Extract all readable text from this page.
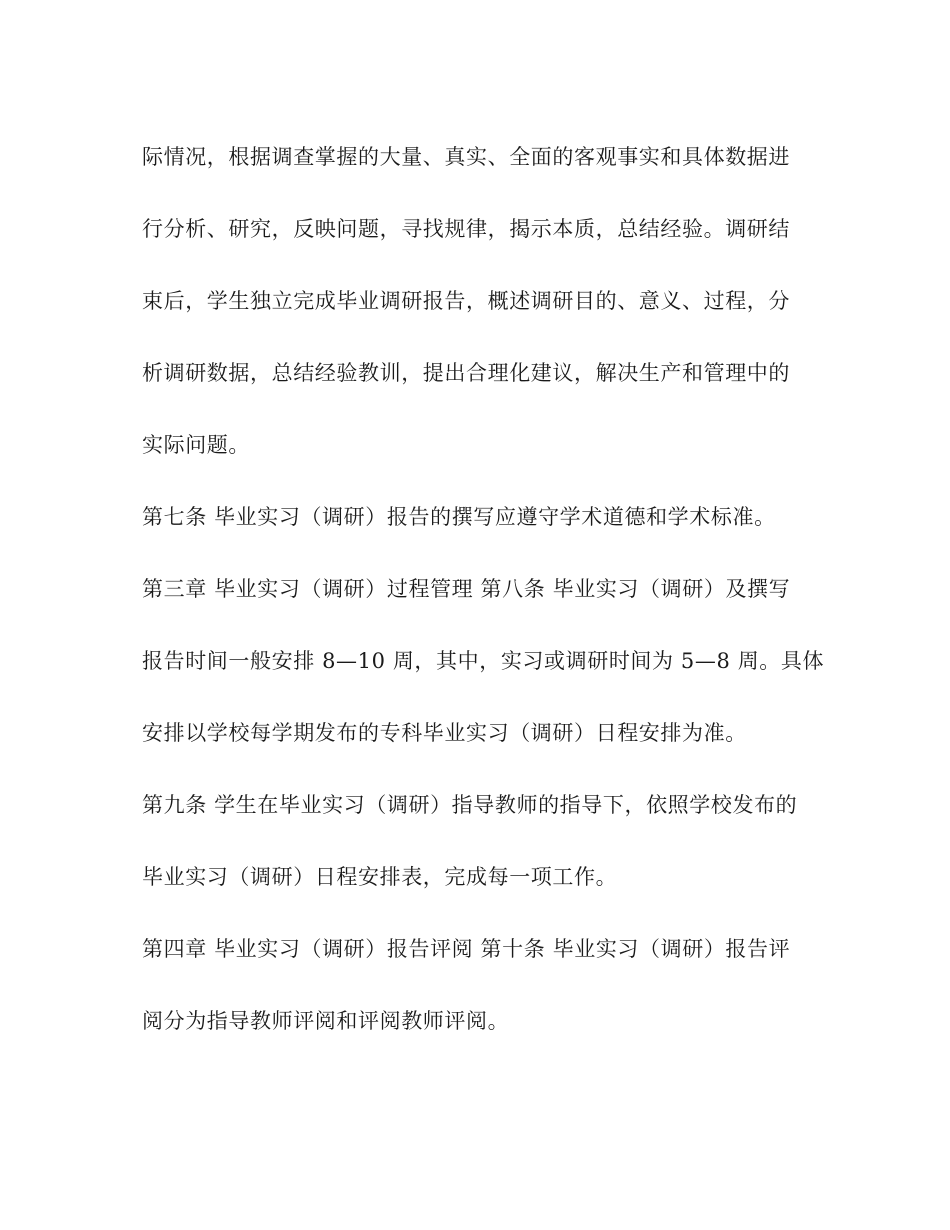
际情况，根据调查掌握的大量、真实、全面的客观事实和具体数据进
行分析、研究，反映问题，寻找规律，揭示本质，总结经验。调研结
束后，学生独立完成毕业调研报告，概述调研目的、意义、过程，分
析调研数据，总结经验教训，提出合理化建议，解决生产和管理中的
实际问题。
第七条 毕业实习（调研）报告的撰写应遵守学术道德和学术标准。
第三章 毕业实习（调研）过程管理 第八条 毕业实习（调研）及撰写
报告时间一般安排 8—10 周，其中，实习或调研时间为 5—8 周。具体
安排以学校每学期发布的专科毕业实习（调研）日程安排为准。
第九条 学生在毕业实习（调研）指导教师的指导下，依照学校发布的
毕业实习（调研）日程安排表，完成每一项工作。
第四章 毕业实习（调研）报告评阅 第十条 毕业实习（调研）报告评
阅分为指导教师评阅和评阅教师评阅。
